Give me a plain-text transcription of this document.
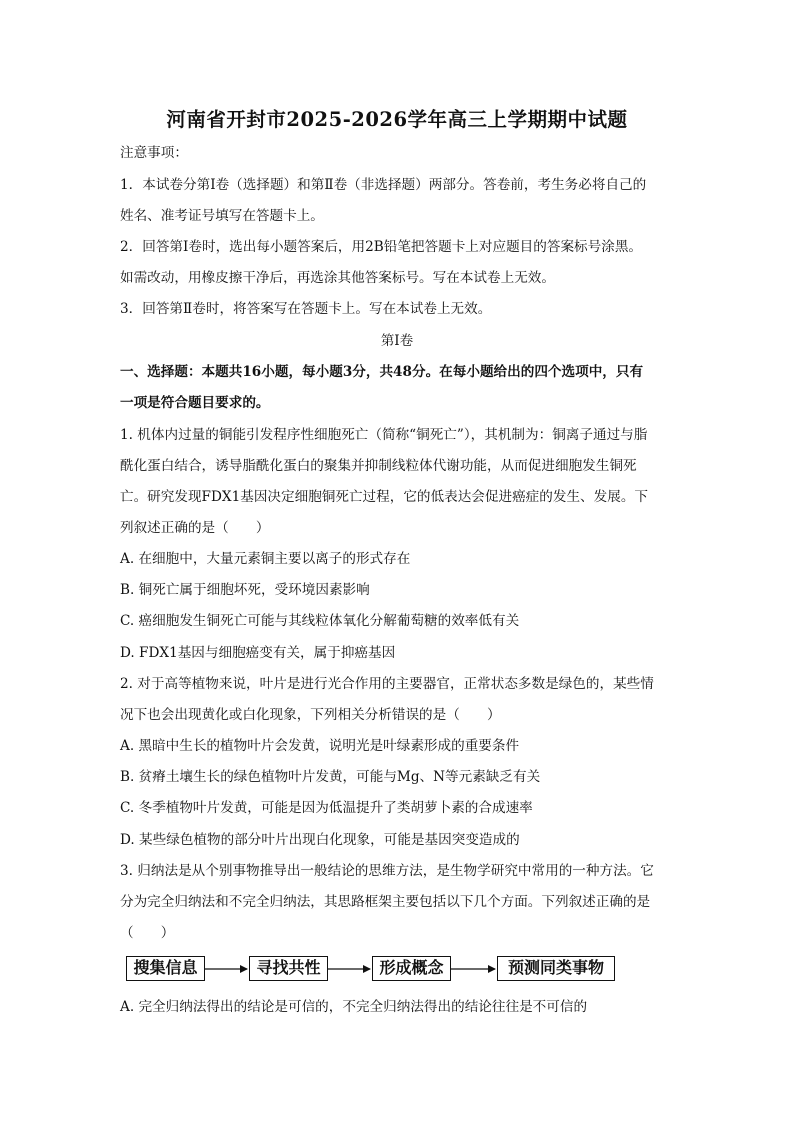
河南省开封市2025-2026学年高三上学期期中试题
注意事项：
1．本试卷分第Ⅰ卷（选择题）和第Ⅱ卷（非选择题）两部分。答卷前，考生务必将自己的
姓名、准考证号填写在答题卡上。
2．回答第Ⅰ卷时，选出每小题答案后，用2B铅笔把答题卡上对应题目的答案标号涂黑。
如需改动，用橡皮擦干净后，再选涂其他答案标号。写在本试卷上无效。
3．回答第Ⅱ卷时，将答案写在答题卡上。写在本试卷上无效。
第Ⅰ卷
一、选择题：本题共16小题，每小题3分，共48分。在每小题给出的四个选项中，只有
一项是符合题目要求的。
1. 机体内过量的铜能引发程序性细胞死亡（简称“铜死亡”），其机制为：铜离子通过与脂
酰化蛋白结合，诱导脂酰化蛋白的聚集并抑制线粒体代谢功能，从而促进细胞发生铜死
亡。研究发现FDX1基因决定细胞铜死亡过程，它的低表达会促进癌症的发生、发展。下
列叙述正确的是（　　）
A. 在细胞中，大量元素铜主要以离子的形式存在
B. 铜死亡属于细胞坏死，受环境因素影响
C. 癌细胞发生铜死亡可能与其线粒体氧化分解葡萄糖的效率低有关
D. FDX1基因与细胞癌变有关，属于抑癌基因
2. 对于高等植物来说，叶片是进行光合作用的主要器官，正常状态多数是绿色的，某些情
况下也会出现黄化或白化现象，下列相关分析错误的是（　　）
A. 黑暗中生长的植物叶片会发黄，说明光是叶绿素形成的重要条件
B. 贫瘠土壤生长的绿色植物叶片发黄，可能与Mg、N等元素缺乏有关
C. 冬季植物叶片发黄，可能是因为低温提升了类胡萝卜素的合成速率
D. 某些绿色植物的部分叶片出现白化现象，可能是基因突变造成的
3. 归纳法是从个别事物推导出一般结论的思维方法，是生物学研究中常用的一种方法。它
分为完全归纳法和不完全归纳法，其思路框架主要包括以下几个方面。下列叙述正确的是
（　　）
搜集信息	寻找共性	形成概念	预测同类事物
A. 完全归纳法得出的结论是可信的，不完全归纳法得出的结论往往是不可信的
